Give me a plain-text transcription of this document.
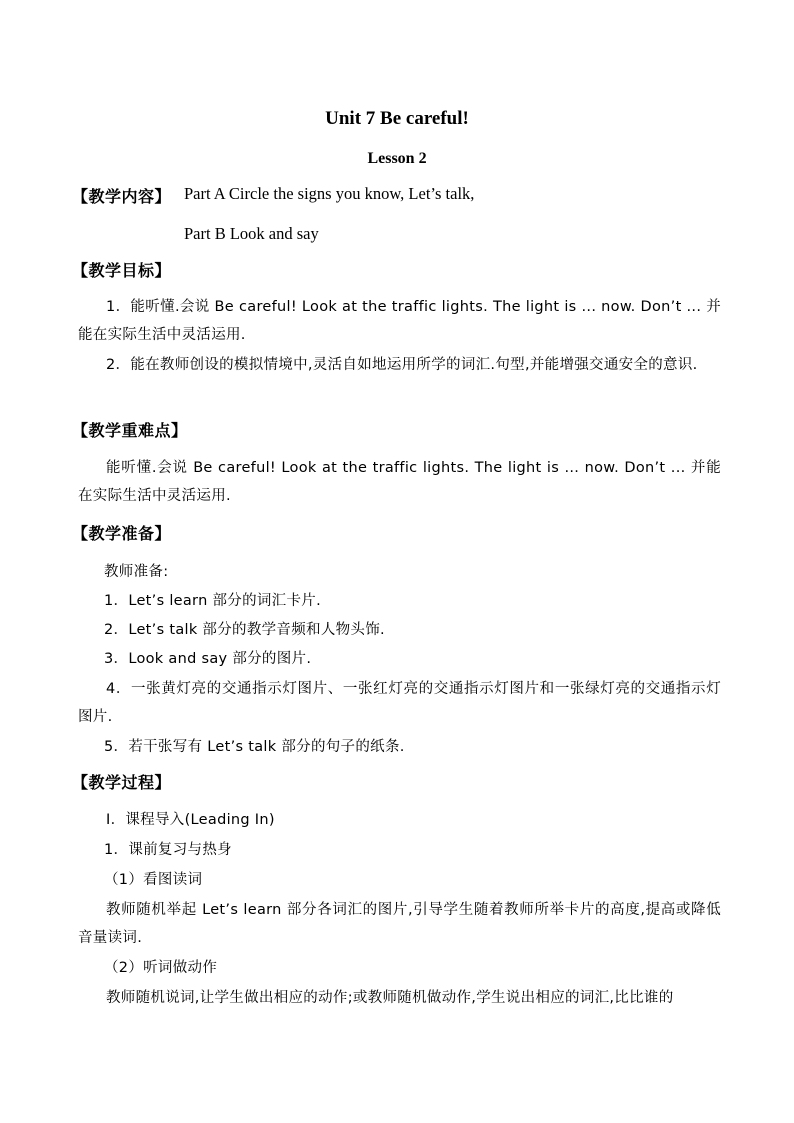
Unit 7 Be careful!
Lesson 2
【教学内容】 Part A Circle the signs you know, Let’s talk,
Part B Look and say
【教学目标】
1．能听懂.会说 Be careful! Look at the traffic lights. The light is ... now. Don’t ... 并能在实际生活中灵活运用.
2．能在教师创设的模拟情境中,灵活自如地运用所学的词汇.句型,并能增强交通安全的意识.
【教学重难点】
能听懂.会说 Be careful! Look at the traffic lights. The light is ... now. Don’t ... 并能在实际生活中灵活运用.
【教学准备】
教师准备:
1．Let’s learn 部分的词汇卡片.
2．Let’s talk 部分的教学音频和人物头饰.
3．Look and say 部分的图片.
4．一张黄灯亮的交通指示灯图片、一张红灯亮的交通指示灯图片和一张绿灯亮的交通指示灯图片.
5．若干张写有 Let’s talk 部分的句子的纸条.
【教学过程】
Ⅰ．课程导入(Leading In)
1．课前复习与热身
（1）看图读词
教师随机举起 Let’s learn 部分各词汇的图片,引导学生随着教师所举卡片的高度,提高或降低音量读词.
（2）听词做动作
教师随机说词,让学生做出相应的动作;或教师随机做动作,学生说出相应的词汇,比比谁的
